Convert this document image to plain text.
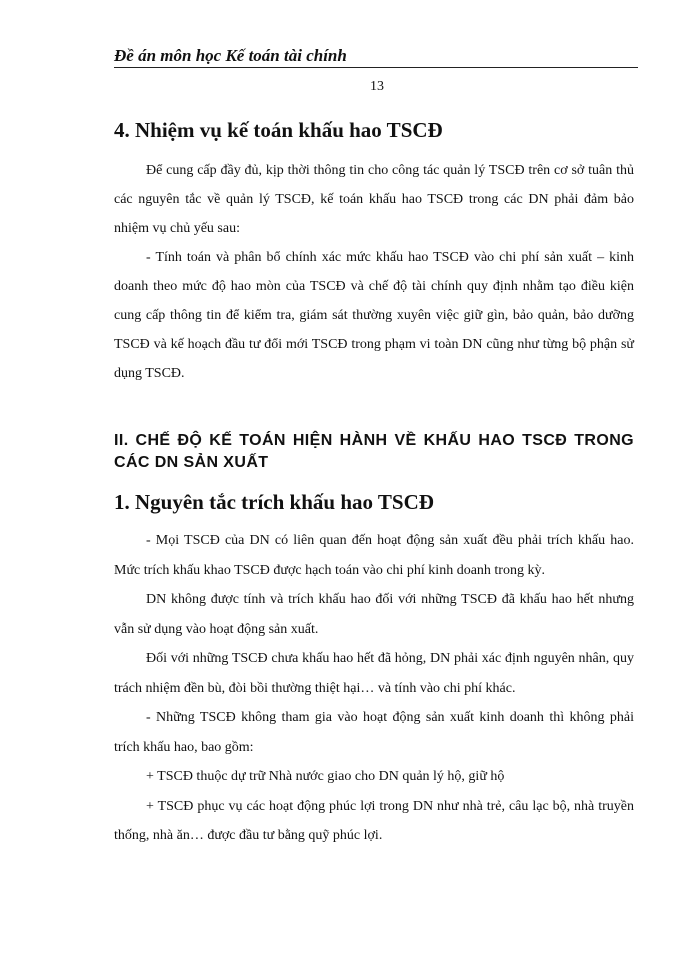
Đề án môn học Kế toán tài chính
13
4. Nhiệm vụ kế toán khấu hao TSCĐ

Để cung cấp đầy đủ, kịp thời thông tin cho công tác quản lý TSCĐ trên cơ sở tuân thủ các nguyên tắc về quản lý TSCĐ, kế toán khấu hao TSCĐ trong các DN phải đảm bảo nhiệm vụ chủ yếu sau:

- Tính toán và phân bổ chính xác mức khấu hao TSCĐ vào chi phí sản xuất – kinh doanh theo mức độ hao mòn của TSCĐ và chế độ tài chính quy định nhằm tạo điều kiện cung cấp thông tin để kiểm tra, giám sát thường xuyên việc giữ gìn, bảo quản, bảo dưỡng TSCĐ và kế hoạch đầu tư đổi mới TSCĐ trong phạm vi toàn DN cũng như từng bộ phận sử dụng TSCĐ.

II. CHẾ ĐỘ KẾ TOÁN HIỆN HÀNH VỀ KHẤU HAO TSCĐ TRONG CÁC DN SẢN XUẤT
1. Nguyên tắc trích khấu hao TSCĐ

- Mọi TSCĐ của DN có liên quan đến hoạt động sản xuất đều phải trích khấu hao. Mức trích khấu khao TSCĐ được hạch toán vào chi phí kinh doanh trong kỳ.

DN không được tính và trích khấu hao đối với những TSCĐ đã khấu hao hết nhưng vẫn sử dụng vào hoạt động sản xuất.

Đối với những TSCĐ chưa khấu hao hết đã hỏng, DN phải xác định nguyên nhân, quy trách nhiệm đền bù, đòi bồi thường thiệt hại… và tính vào chi phí khác.

- Những TSCĐ không tham gia vào hoạt động sản xuất kinh doanh thì không phải trích khấu hao, bao gồm:

+ TSCĐ thuộc dự trữ Nhà nước giao cho DN quản lý hộ, giữ hộ

+ TSCĐ phục vụ các hoạt động phúc lợi trong DN như nhà trẻ, câu lạc bộ, nhà truyền thống, nhà ăn… được đầu tư bằng quỹ phúc lợi.
